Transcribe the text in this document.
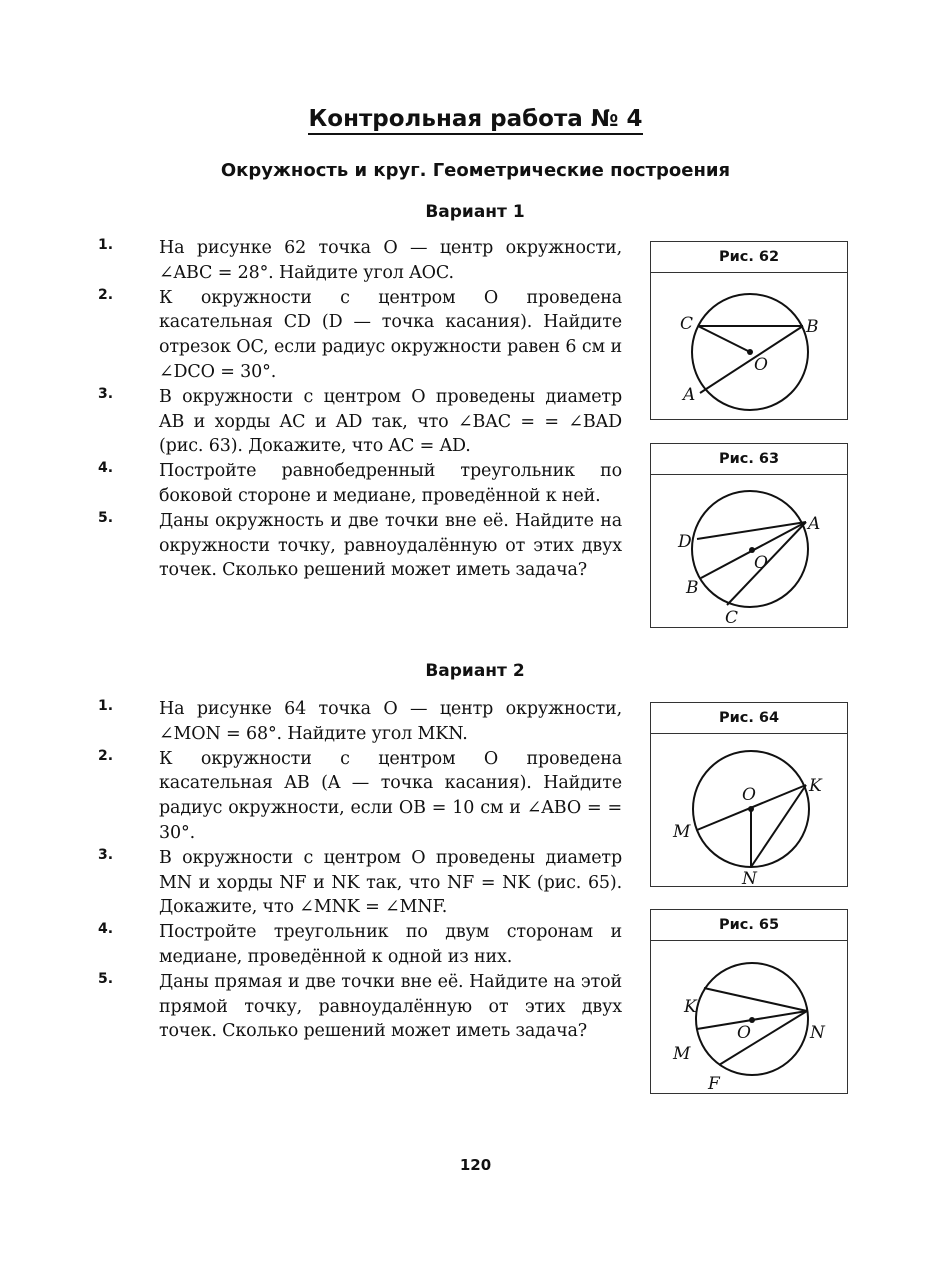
Контрольная работа № 4
Окружность и круг. Геометрические построения
Вариант 1
1.	На рисунке 62 точка O — центр окружности, ∠ABC = 28°. Найдите угол AOC.
2.	К окружности с центром O проведена касательная CD (D — точка касания). Найдите отрезок OC, если радиус окружности равен 6 см и ∠DCO = 30°.
3.	В окружности с центром O проведены диаметр AB и хорды AC и AD так, что ∠BAC = = ∠BAD (рис. 63). Докажите, что AC = AD.
4.	Постройте равнобедренный треугольник по боковой стороне и медиане, проведённой к ней.
5.	Даны окружность и две точки вне её. Найдите на окружности точку, равноудалённую от этих двух точек. Сколько решений может иметь задача?
Вариант 2
1.	На рисунке 64 точка O — центр окружности, ∠MON = 68°. Найдите угол MKN.
2.	К окружности с центром O проведена касательная AB (A — точка касания). Найдите радиус окружности, если OB = 10 см и ∠ABO = = 30°.
3.	В окружности с центром O проведены диаметр MN и хорды NF и NK так, что NF = NK (рис. 65). Докажите, что ∠MNK = ∠MNF.
4.	Постройте треугольник по двум сторонам и медиане, проведённой к одной из них.
5.	Даны прямая и две точки вне её. Найдите на этой прямой точку, равноудалённую от этих двух точек. Сколько решений может иметь задача?
Рис. 62
C	B
O
A
Рис. 63
D
A
O
B
C
Рис. 64
O	K
M
N
Рис. 65
K
O	N
M
F
120
